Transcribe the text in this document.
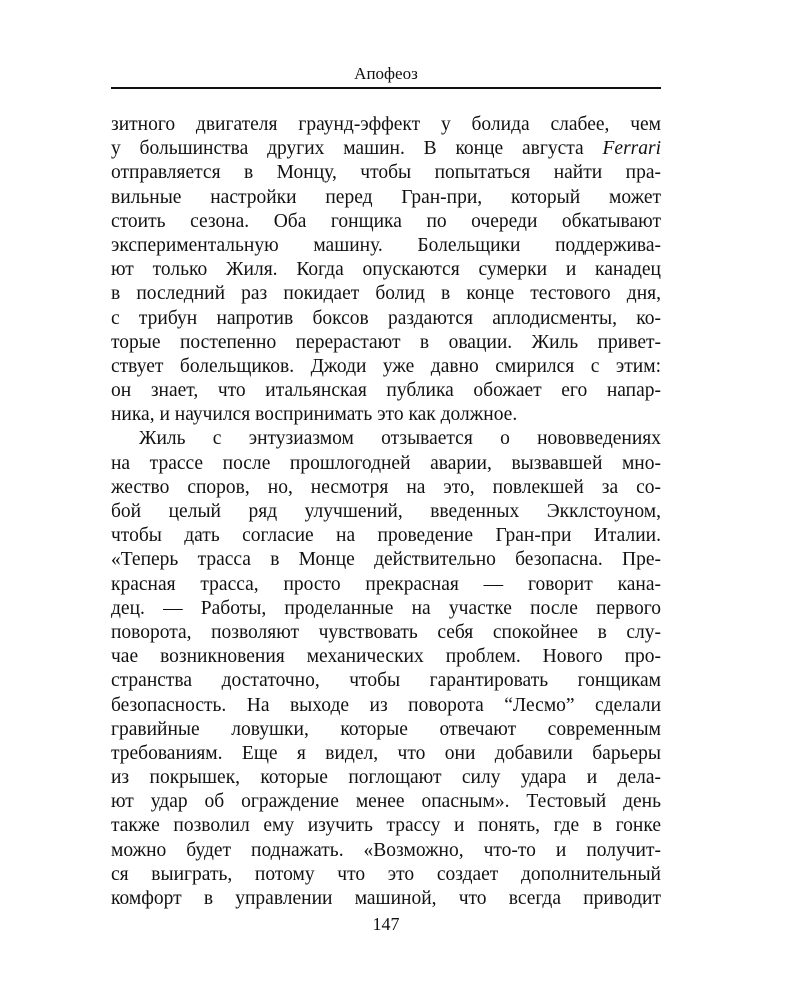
Апофеоз
зитного двигателя граунд-эффект у болида слабее, чем
у большинства других машин. В конце августа Ferrari
отправляется в Монцу, чтобы попытаться найти пра-
вильные настройки перед Гран-при, который может
стоить сезона. Оба гонщика по очереди обкатывают
экспериментальную машину. Болельщики поддержива-
ют только Жиля. Когда опускаются сумерки и канадец
в последний раз покидает болид в конце тестового дня,
с трибун напротив боксов раздаются аплодисменты, ко-
торые постепенно перерастают в овации. Жиль привет-
ствует болельщиков. Джоди уже давно смирился с этим:
он знает, что итальянская публика обожает его напар-
ника, и научился воспринимать это как должное.
Жиль с энтузиазмом отзывается о нововведениях
на трассе после прошлогодней аварии, вызвавшей мно-
жество споров, но, несмотря на это, повлекшей за со-
бой целый ряд улучшений, введенных Экклстоуном,
чтобы дать согласие на проведение Гран-при Италии.
«Теперь трасса в Монце действительно безопасна. Пре-
красная трасса, просто прекрасная — говорит кана-
дец. — Работы, проделанные на участке после первого
поворота, позволяют чувствовать себя спокойнее в слу-
чае возникновения механических проблем. Нового про-
странства достаточно, чтобы гарантировать гонщикам
безопасность. На выходе из поворота “Лесмо” сделали
гравийные ловушки, которые отвечают современным
требованиям. Еще я видел, что они добавили барьеры
из покрышек, которые поглощают силу удара и дела-
ют удар об ограждение менее опасным». Тестовый день
также позволил ему изучить трассу и понять, где в гонке
можно будет поднажать. «Возможно, что-то и получит-
ся выиграть, потому что это создает дополнительный
комфорт в управлении машиной, что всегда приводит
147
